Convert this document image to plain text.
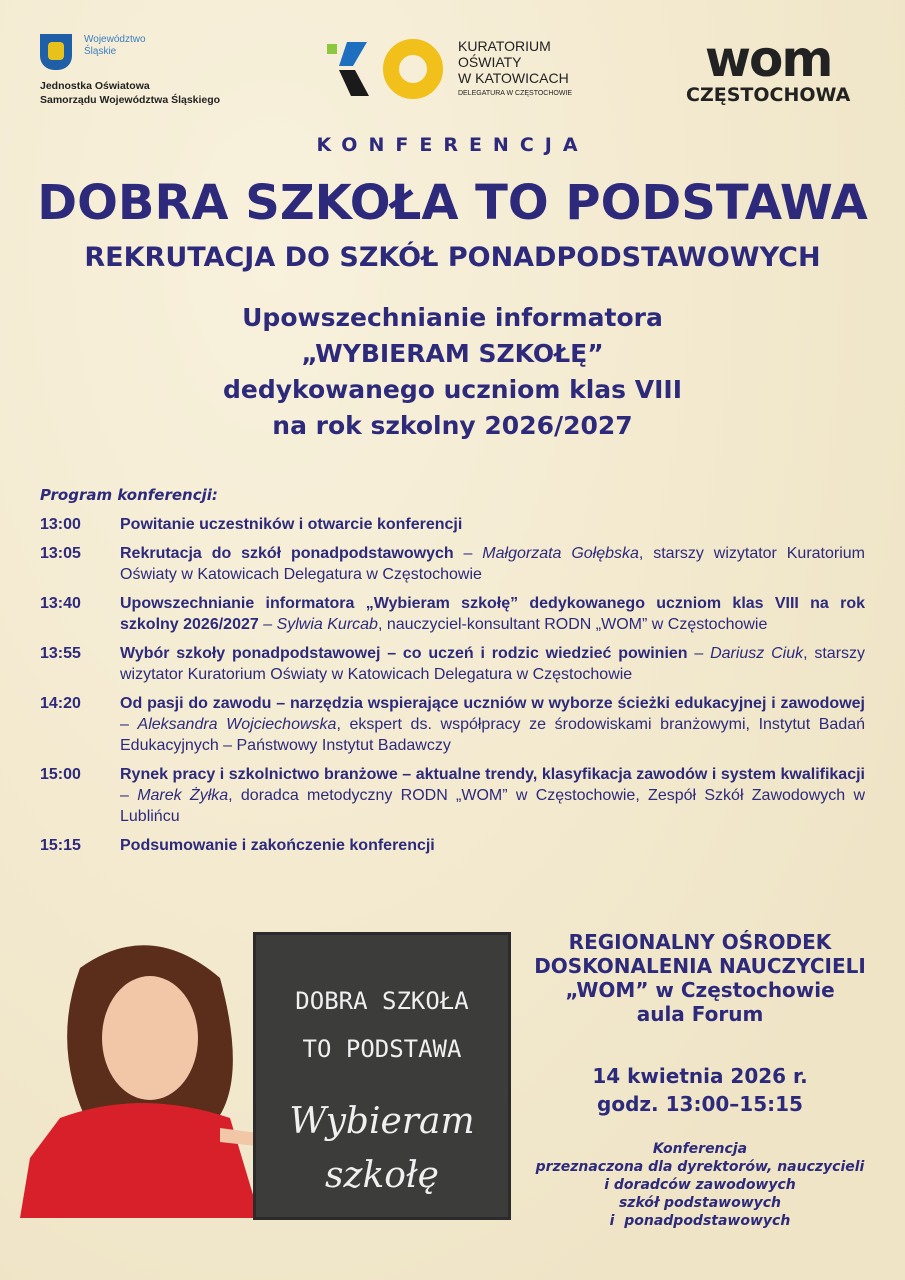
Województwo Śląskie
Jednostka Oświatowa
Samorządu Województwa Śląskiego
KURATORIUM
OŚWIATY
W KATOWICACH
DELEGATURA W CZĘSTOCHOWIE
wom
CZĘSTOCHOWA
KONFERENCJA
DOBRA SZKOŁA TO PODSTAWA
REKRUTACJA DO SZKÓŁ PONADPODSTAWOWYCH
Upowszechnianie informatora
„WYBIERAM SZKOŁĘ”
dedykowanego uczniom klas VIII
na rok szkolny 2026/2027
Program konferencji:
13:00	Powitanie uczestników i otwarcie konferencji
13:05	Rekrutacja do szkół ponadpodstawowych – Małgorzata Gołębska, starszy wizytator Kuratorium Oświaty w Katowicach Delegatura w Częstochowie
13:40	Upowszechnianie informatora „Wybieram szkołę” dedykowanego uczniom klas VIII na rok szkolny 2026/2027 – Sylwia Kurcab, nauczyciel-konsultant RODN „WOM” w Częstochowie
13:55	Wybór szkoły ponadpodstawowej – co uczeń i rodzic wiedzieć powinien – Dariusz Ciuk, starszy wizytator Kuratorium Oświaty w Katowicach Delegatura w Częstochowie
14:20	Od pasji do zawodu – narzędzia wspierające uczniów w wyborze ścieżki edukacyjnej i zawodowej – Aleksandra Wojciechowska, ekspert ds. współpracy ze środowiskami branżowymi, Instytut Badań Edukacyjnych – Państwowy Instytut Badawczy
15:00	Rynek pracy i szkolnictwo branżowe – aktualne trendy, klasyfikacja zawodów i system kwalifikacji – Marek Żyłka, doradca metodyczny RODN „WOM” w Częstochowie, Zespół Szkół Zawodowych w Lublińcu
15:15	Podsumowanie i zakończenie konferencji
DOBRA SZKOŁA
TO PODSTAWA
Wybieram
szkołę
REGIONALNY OŚRODEK
DOSKONALENIA NAUCZYCIELI
„WOM” w Częstochowie
aula Forum
14 kwietnia 2026 r.
godz. 13:00–15:15
Konferencja
przeznaczona dla dyrektorów, nauczycieli
i doradców zawodowych
szkół podstawowych
i  ponadpodstawowych
